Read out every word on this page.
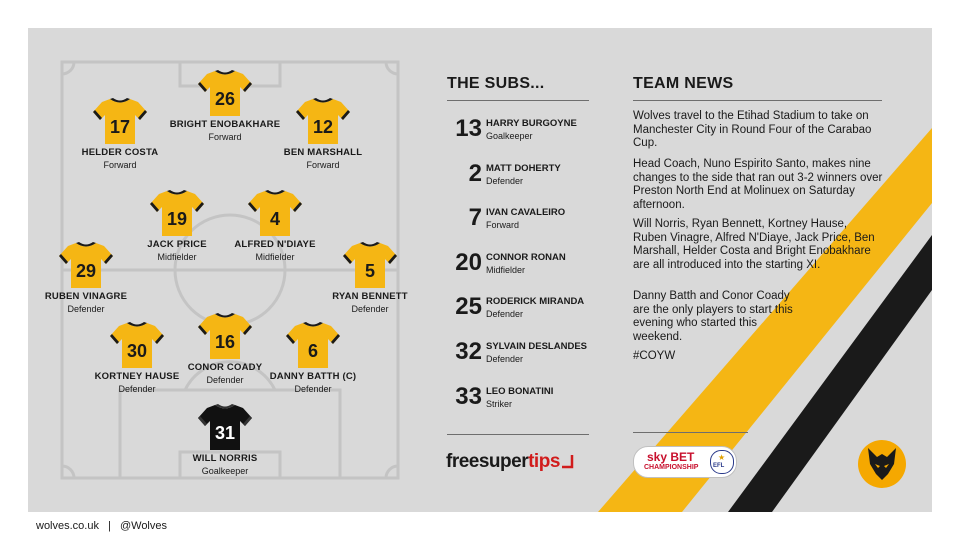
26
BRIGHT ENOBAKHARE
Forward
17
HELDER COSTA
Forward
12
BEN MARSHALL
Forward
19
JACK PRICE
Midfielder
4
ALFRED N'DIAYE
Midfielder
29
RUBEN VINAGRE
Defender
5
RYAN BENNETT
Defender
30
KORTNEY HAUSE
Defender
16
CONOR COADY
Defender
6
DANNY BATTH (C)
Defender
31
WILL NORRIS
Goalkeeper
THE SUBS...
13 HARRY BURGOYNE
Goalkeeper
2 MATT DOHERTY
Defender
7 IVAN CAVALEIRO
Forward
20 CONNOR RONAN
Midfielder
25 RODERICK MIRANDA
Defender
32 SYLVAIN DESLANDES
Defender
33 LEO BONATINI
Striker
TEAM NEWS

Wolves travel to the Etihad Stadium to take on Manchester City in Round Four of the Carabao Cup.

Head Coach, Nuno Espirito Santo, makes nine changes to the side that ran out 3-2 winners over Preston North End at Molinuex on Saturday afternoon.

Will Norris, Ryan Bennett, Kortney Hause, Ruben Vinagre, Alfred N'Diaye, Jack Price, Ben Marshall, Helder Costa and Bright Enobakhare are all introduced into the starting XI.

Danny Batth and Conor Coady are the only players to start this evening who started this weekend.

#COYW

freesupertips	sky BET
CHAMPIONSHIP
★
EFL
wolves.co.uk | @Wolves
